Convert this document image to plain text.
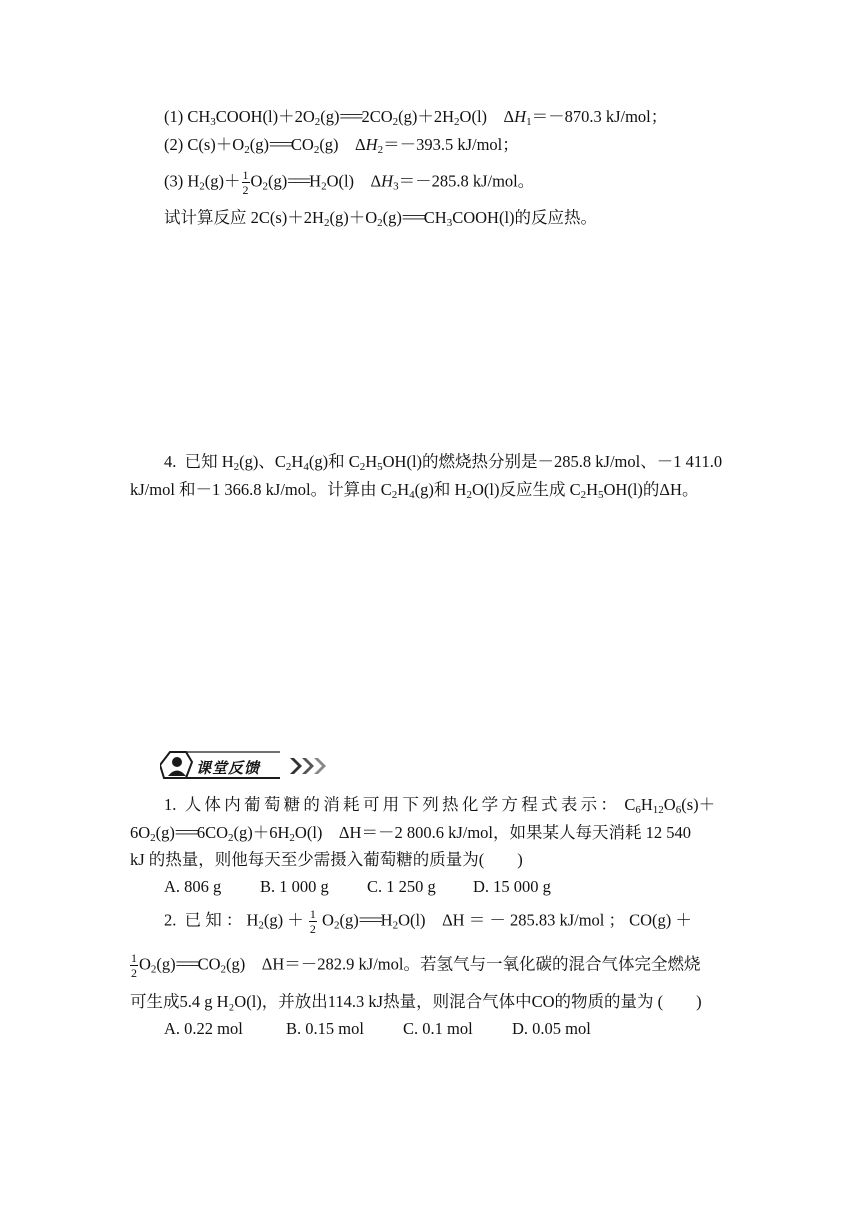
(1) $CH_3COOH(l)+2O_2(g)===2CO_2(g)+2H_2O(l)$    $\Delta H_1=-870.3$ kJ/mol；
(2) $C(s)+O_2(g)===CO_2(g)$    $\Delta H_2=-393.5$ kJ/mol；
(3) $H_2(g)+ \frac{1}{2} O_2(g)===H_2O(l)$    $\Delta H_3=-285.8$ kJ/mol。
试计算反应 $2C(s)+2H_2(g)+O_2(g)===CH_3COOH(l)$的反应热。
4. 已知 $H_2(g)$、$C_2H_4(g)$和 $C_2H_5OH(l)$的燃烧热分别是－285.8 kJ/mol、－1 411.0
kJ/mol 和－1 366.8 kJ/mol。计算由 $C_2H_4(g)$和 $H_2O(l)$反应生成 $C_2H_5OH(l)$的ΔH。
课堂反馈
1. 人体内葡萄糖的消耗可用下列热化学方程式表示： $C_6H_{12}O_6(s)+$
$6O_2(g)===6CO_2(g)+6H_2O(l)$    ΔH＝－2 800.6 kJ/mol，如果某人每天消耗 12 540
kJ 的热量，则他每天至少需摄入葡萄糖的质量为(　　)
A. 806 g B. 1 000 g C. 1 250 g D. 15 000 g
2. 已 知 ： $H_2(g) + \frac{1}{2} O_2(g)===H_2O(l)$    ΔH ＝ － 285.83 kJ/mol ； CO(g) ＋
$\frac{1}{2} O_2(g)===CO_2(g)$    ΔH＝－282.9 kJ/mol。若氢气与一氧化碳的混合气体完全燃烧
可生成5.4 g H₂O(l)，并放出114.3 kJ热量，则混合气体中CO的物质的量为 (　　)
A. 0.22 mol	B. 0.15 mol C. 0.1 mol D. 0.05 mol
